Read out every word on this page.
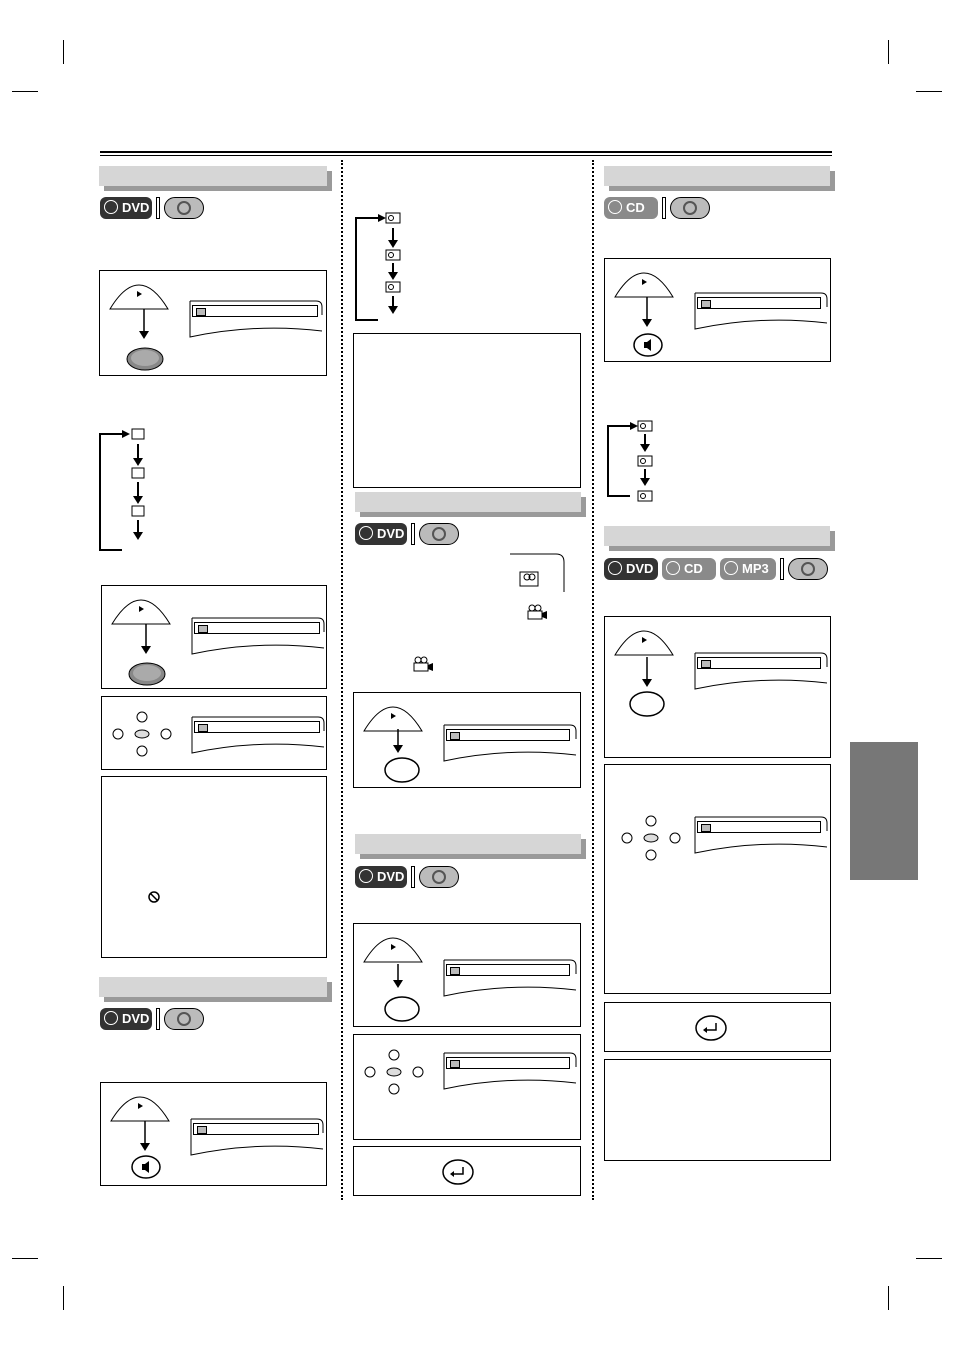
DVD
DVD
DVD
DVD
CD
DVD	CD	MP3
